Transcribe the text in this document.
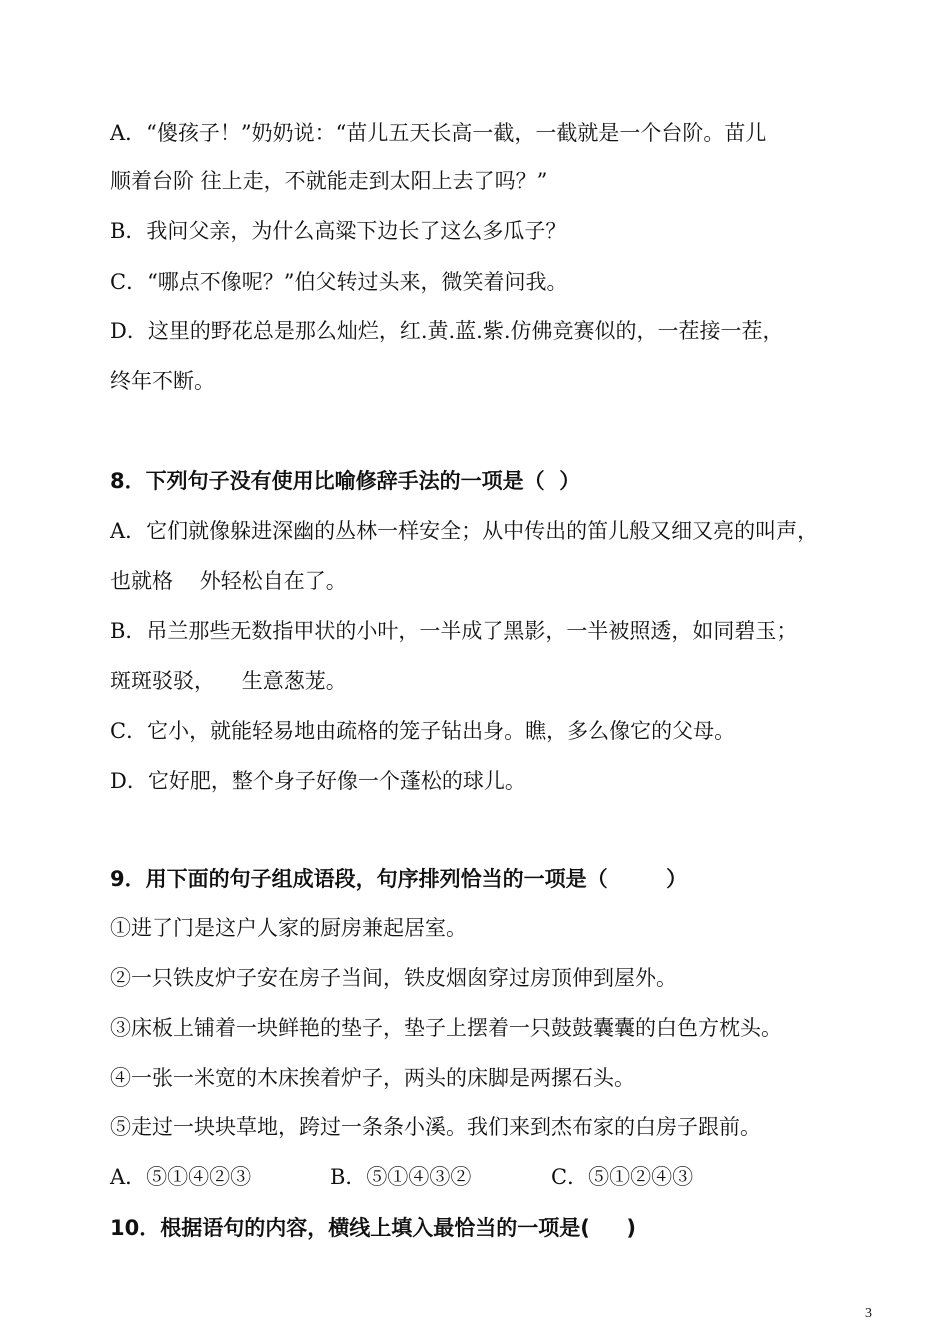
A．“傻孩子！”奶奶说：“苗儿五天长高一截，一截就是一个台阶。苗儿
顺着台阶 往上走，不就能走到太阳上去了吗？”
B．我问父亲，为什么高粱下边长了这么多瓜子？
C．“哪点不像呢？”伯父转过头来，微笑着问我。
D．这里的野花总是那么灿烂，红.黄.蓝.紫.仿佛竞赛似的，一茬接一茬，
终年不断。
8．下列句子没有使用比喻修辞手法的一项是（  ）
A．它们就像躲进深幽的丛林一样安全；从中传出的笛儿般又细又亮的叫声，
也就格    外轻松自在了。
B．吊兰那些无数指甲状的小叶，一半成了黑影，一半被照透，如同碧玉；
斑斑驳驳，    生意葱茏。
C．它小，就能轻易地由疏格的笼子钻出身。瞧，多么像它的父母。
D．它好肥，整个身子好像一个蓬松的球儿。
9．用下面的句子组成语段，句序排列恰当的一项是（        ）
①进了门是这户人家的厨房兼起居室。
②一只铁皮炉子安在房子当间，铁皮烟囱穿过房顶伸到屋外。
③床板上铺着一块鲜艳的垫子，垫子上摆着一只鼓鼓囊囊的白色方枕头。
④一张一米宽的木床挨着炉子，两头的床脚是两摞石头。
⑤走过一块块草地，跨过一条条小溪。我们来到杰布家的白房子跟前。
A．⑤①④②③	B．⑤①④③②	C．⑤①②④③
10．根据语句的内容，横线上填入最恰当的一项是(     )
3
